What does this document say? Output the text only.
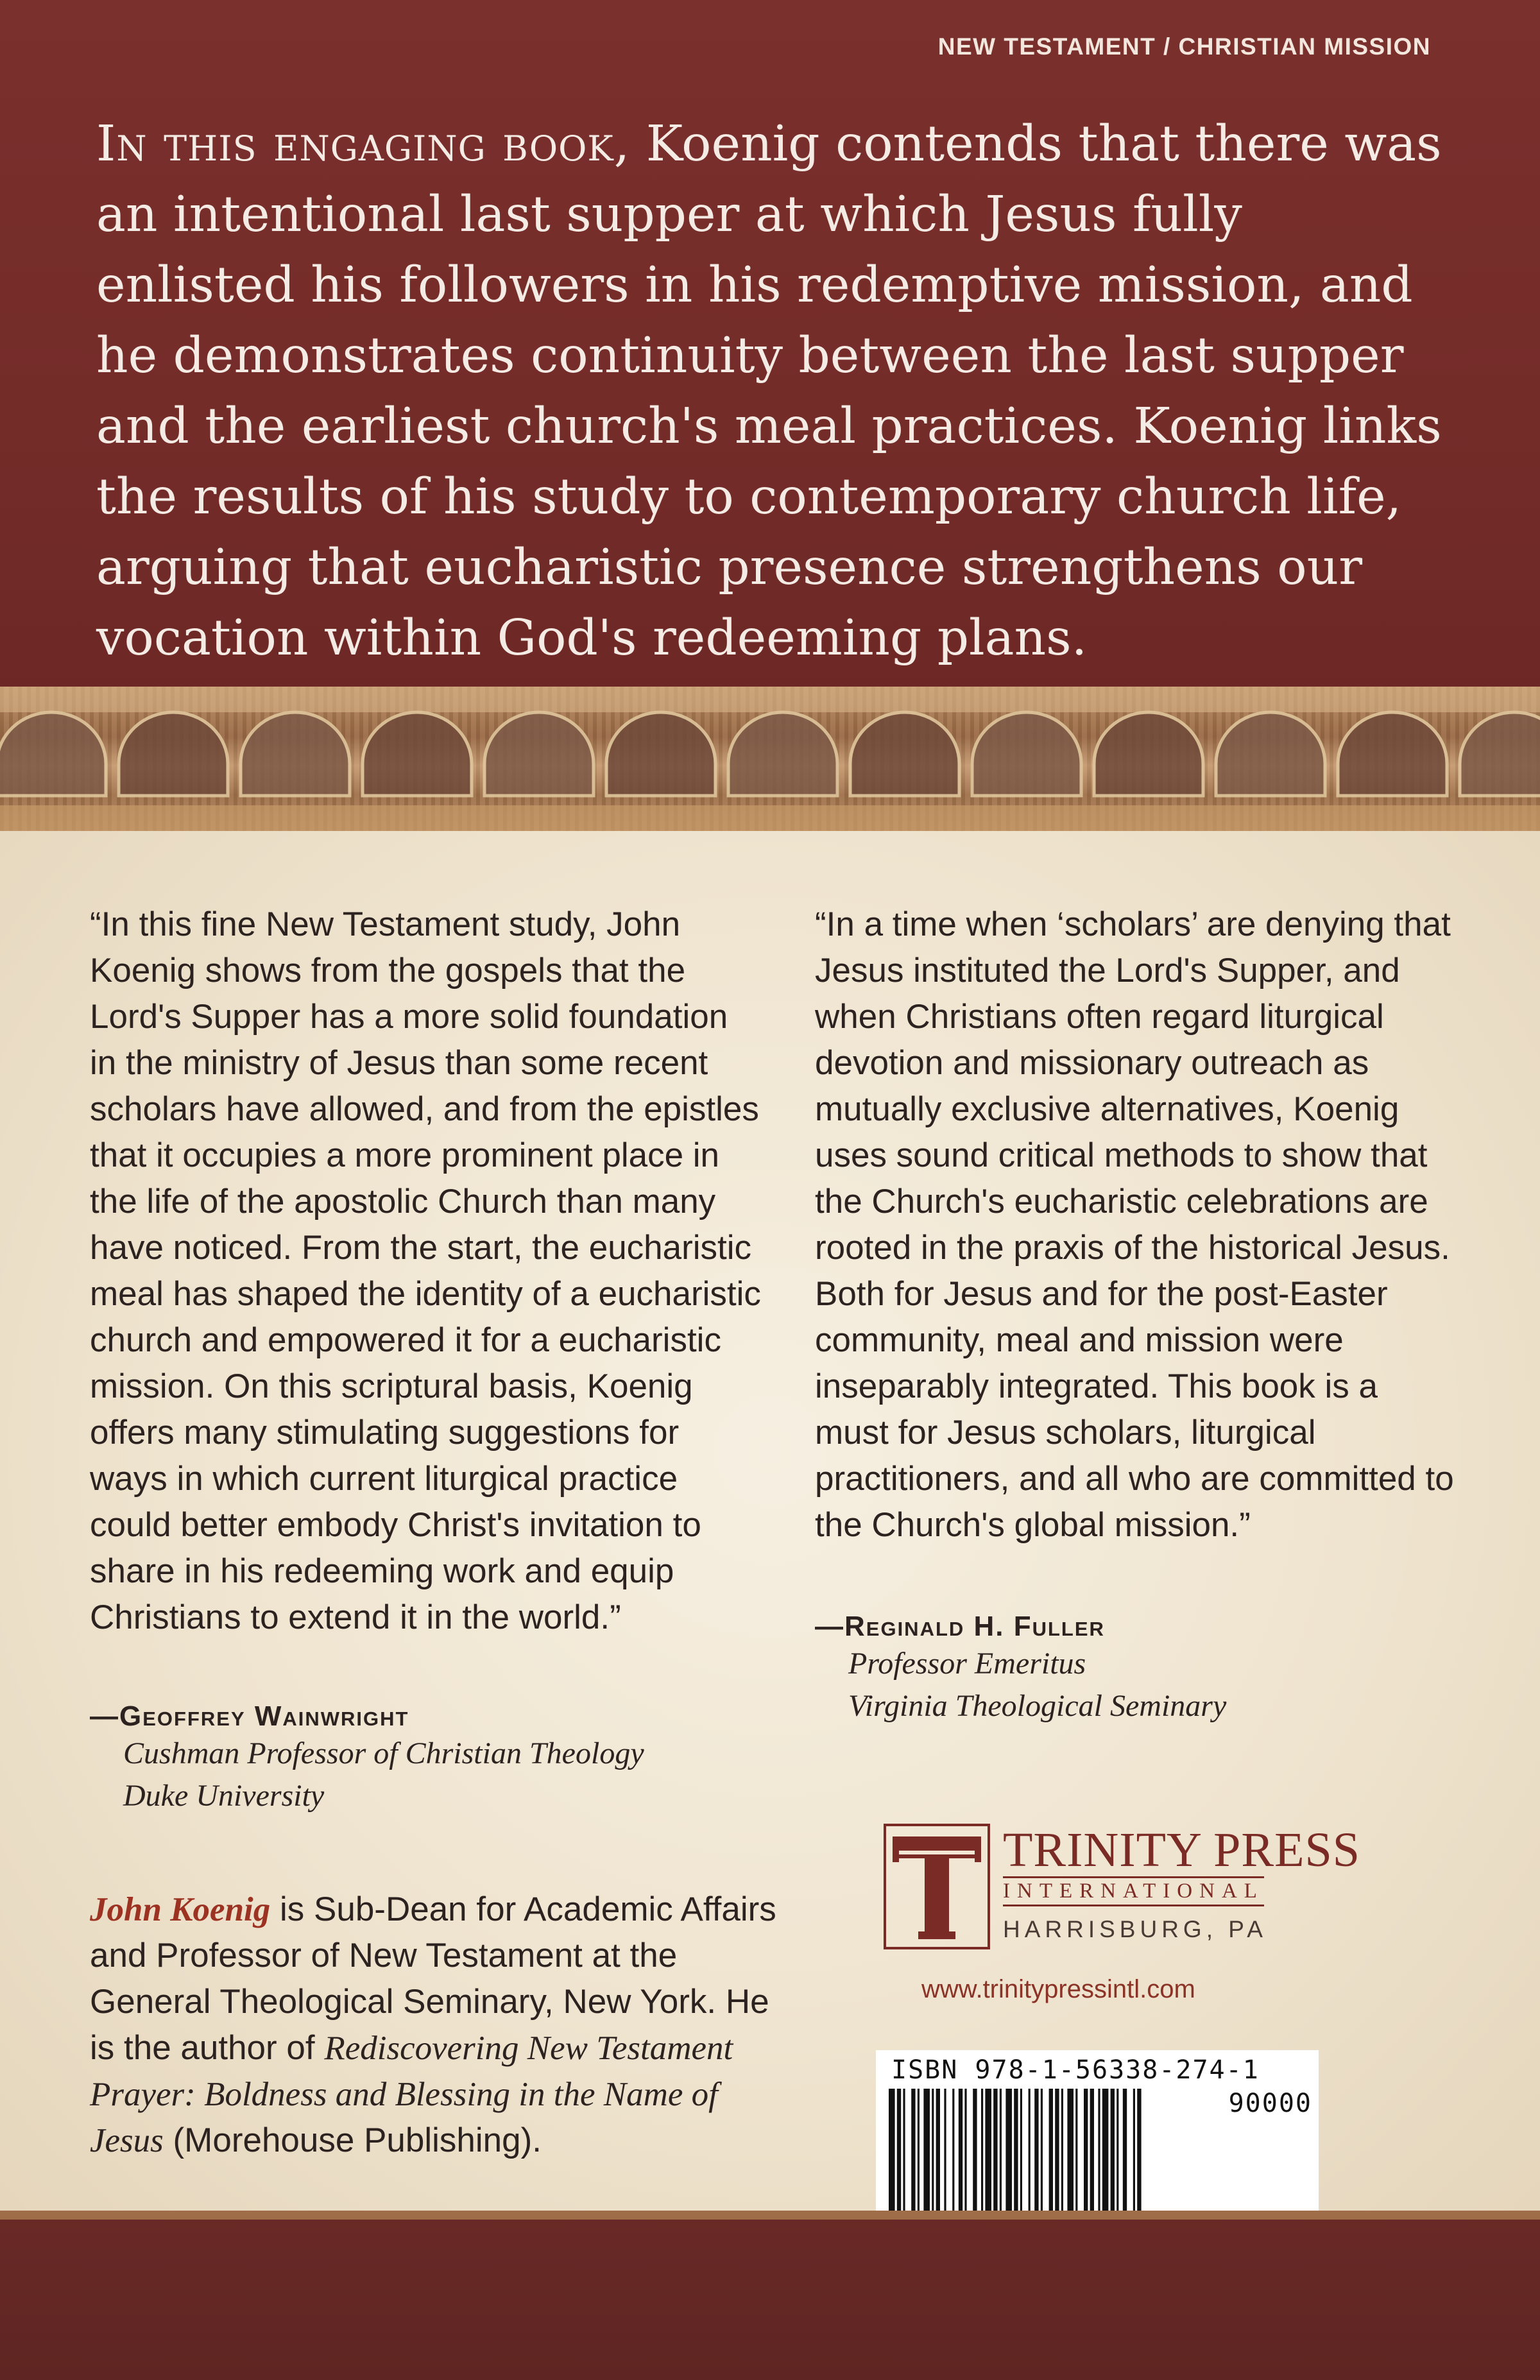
NEW TESTAMENT / CHRISTIAN MISSION

In this engaging book, Koenig contends that there was an intentional last supper at which Jesus fully enlisted his followers in his redemptive mission, and he demonstrates continuity between the last supper and the earliest church's meal practices. Koenig links the results of his study to contemporary church life, arguing that eucharistic presence strengthens our vocation within God's redeeming plans.

“In this fine New Testament study, John Koenig shows from the gospels that the Lord's Supper has a more solid foundation in the ministry of Jesus than some recent scholars have allowed, and from the epistles that it occupies a more prominent place in the life of the apostolic Church than many have noticed. From the start, the eucharistic meal has shaped the identity of a eucharistic church and empowered it for a eucharistic mission. On this scriptural basis, Koenig offers many stimulating suggestions for ways in which current liturgical practice could better embody Christ's invitation to share in his redeeming work and equip Christians to extend it in the world.”

—Geoffrey Wainwright
Cushman Professor of Christian Theology
Duke University

“In a time when ‘scholars’ are denying that Jesus instituted the Lord's Supper, and when Christians often regard liturgical devotion and missionary outreach as mutually exclusive alternatives, Koenig uses sound critical methods to show that the Church's eucharistic celebrations are rooted in the praxis of the historical Jesus. Both for Jesus and for the post-Easter community, meal and mission were inseparably integrated. This book is a must for Jesus scholars, liturgical practitioners, and all who are committed to the Church's global mission.”

—Reginald H. Fuller
Professor Emeritus
Virginia Theological Seminary

John Koenig is Sub-Dean for Academic Affairs and Professor of New Testament at the General Theological Seminary, New York. He is the author of Rediscovering New Testament Prayer: Boldness and Blessing in the Name of Jesus (Morehouse Publishing).

TRINITY PRESS
INTERNATIONAL
HARRISBURG, PA
www.trinitypressintl.com
ISBN 978-1-56338-274-1
90000
